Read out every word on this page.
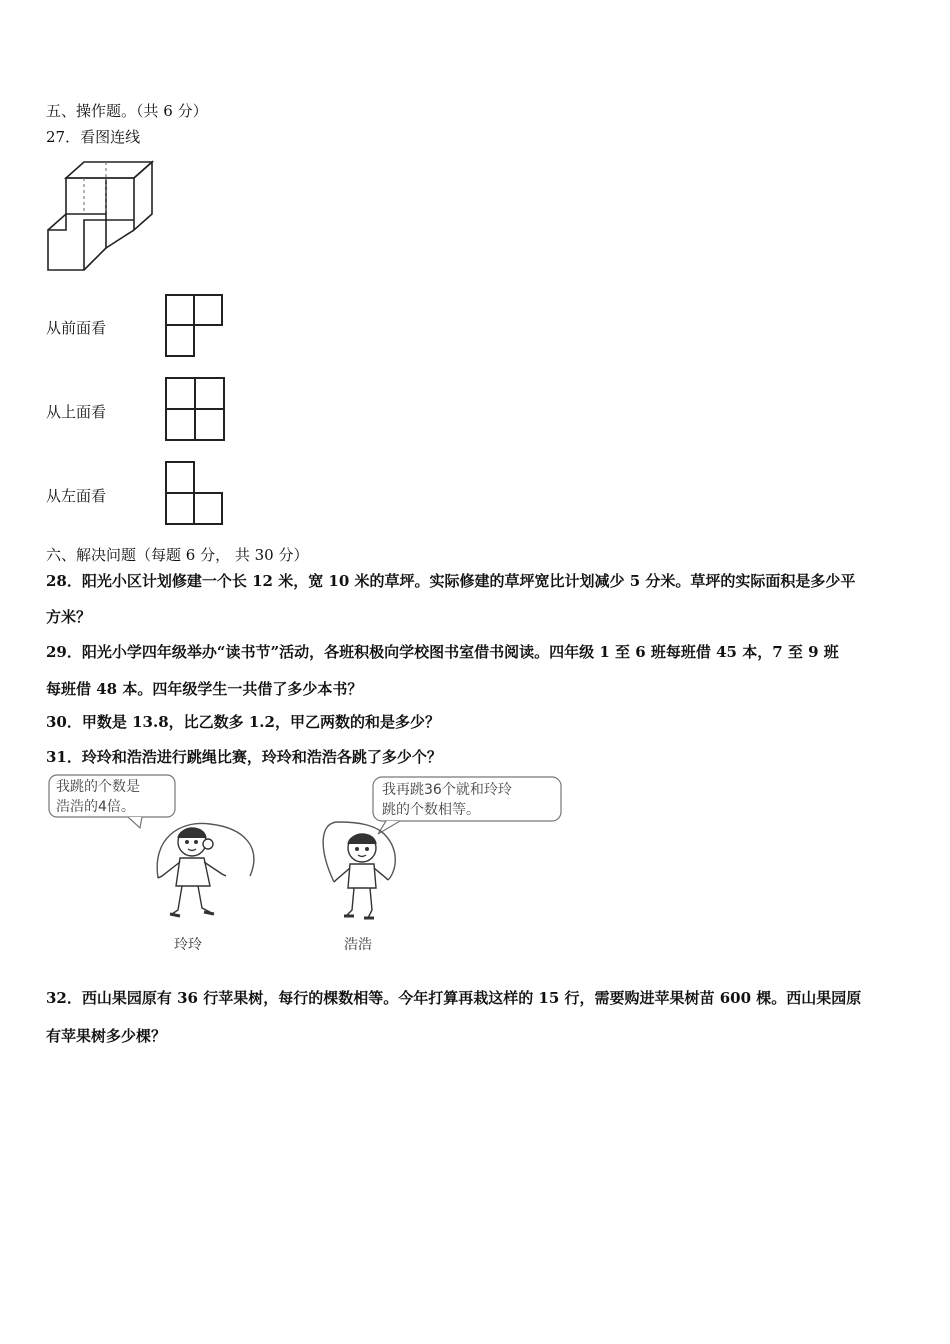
五、操作题。（共 6 分）
27．看图连线
从前面看
从上面看
从左面看
六、解决问题（每题 6 分， 共 30 分）
28．阳光小区计划修建一个长 12 米，宽 10 米的草坪。实际修建的草坪宽比计划减少 5 分米。草坪的实际面积是多少平
方米？
29．阳光小学四年级举办“读书节”活动，各班积极向学校图书室借书阅读。四年级 1 至 6 班每班借 45 本，7 至 9 班
每班借 48 本。四年级学生一共借了多少本书？
30．甲数是 13.8，比乙数多 1.2，甲乙两数的和是多少？
31．玲玲和浩浩进行跳绳比赛，玲玲和浩浩各跳了多少个？
我跳的个数是
浩浩的4倍。
我再跳36个就和玲玲
跳的个数相等。
玲玲	浩浩
32．西山果园原有 36 行苹果树，每行的棵数相等。今年打算再栽这样的 15 行，需要购进苹果树苗 600 棵。西山果园原
有苹果树多少棵？
